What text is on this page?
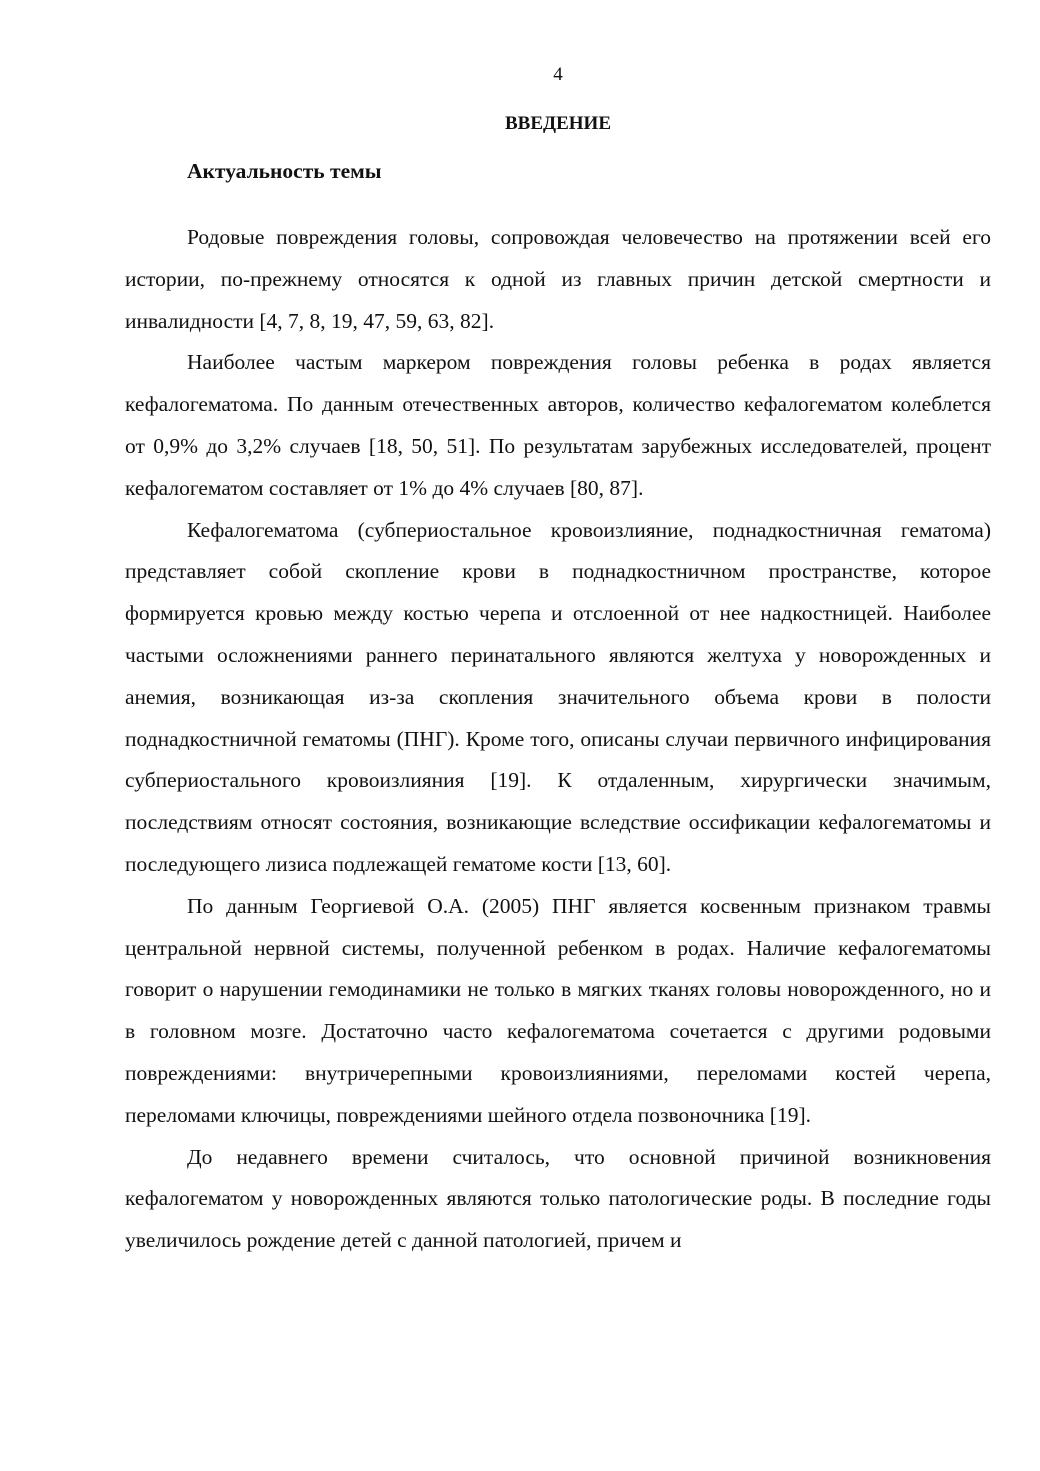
4
ВВЕДЕНИЕ
Актуальность темы

Родовые повреждения головы, сопровождая человечество на протяжении всей его истории, по-прежнему относятся к одной из главных причин детской смертности и инвалидности [4, 7, 8, 19, 47, 59, 63, 82].

Наиболее частым маркером повреждения головы ребенка в родах является кефалогематома. По данным отечественных авторов, количество кефалогематом колеблется от 0,9% до 3,2% случаев [18, 50, 51]. По результатам зарубежных исследователей, процент кефалогематом составляет от 1% до 4% случаев [80, 87].

Кефалогематома (субпериостальное кровоизлияние, поднадкостничная гематома) представляет собой скопление крови в поднадкостничном пространстве, которое формируется кровью между костью черепа и отслоенной от нее надкостницей. Наиболее частыми осложнениями раннего перинатального являются желтуха у новорожденных и анемия, возникающая из-за скопления значительного объема крови в полости поднадкостничной гематомы (ПНГ). Кроме того, описаны случаи первичного инфицирования субпериостального кровоизлияния [19]. К отдаленным, хирургически значимым, последствиям относят состояния, возникающие вследствие оссификации кефалогематомы и последующего лизиса подлежащей гематоме кости [13, 60].

По данным Георгиевой О.А. (2005) ПНГ является косвенным признаком травмы центральной нервной системы, полученной ребенком в родах. Наличие кефалогематомы говорит о нарушении гемодинамики не только в мягких тканях головы новорожденного, но и в головном мозге. Достаточно часто кефалогематома сочетается с другими родовыми повреждениями: внутричерепными кровоизлияниями, переломами костей черепа, переломами ключицы, повреждениями шейного отдела позвоночника [19].

До недавнего времени считалось, что основной причиной возникновения кефалогематом у новорожденных являются только патологические роды. В последние годы увеличилось рождение детей с данной патологией, причем и
